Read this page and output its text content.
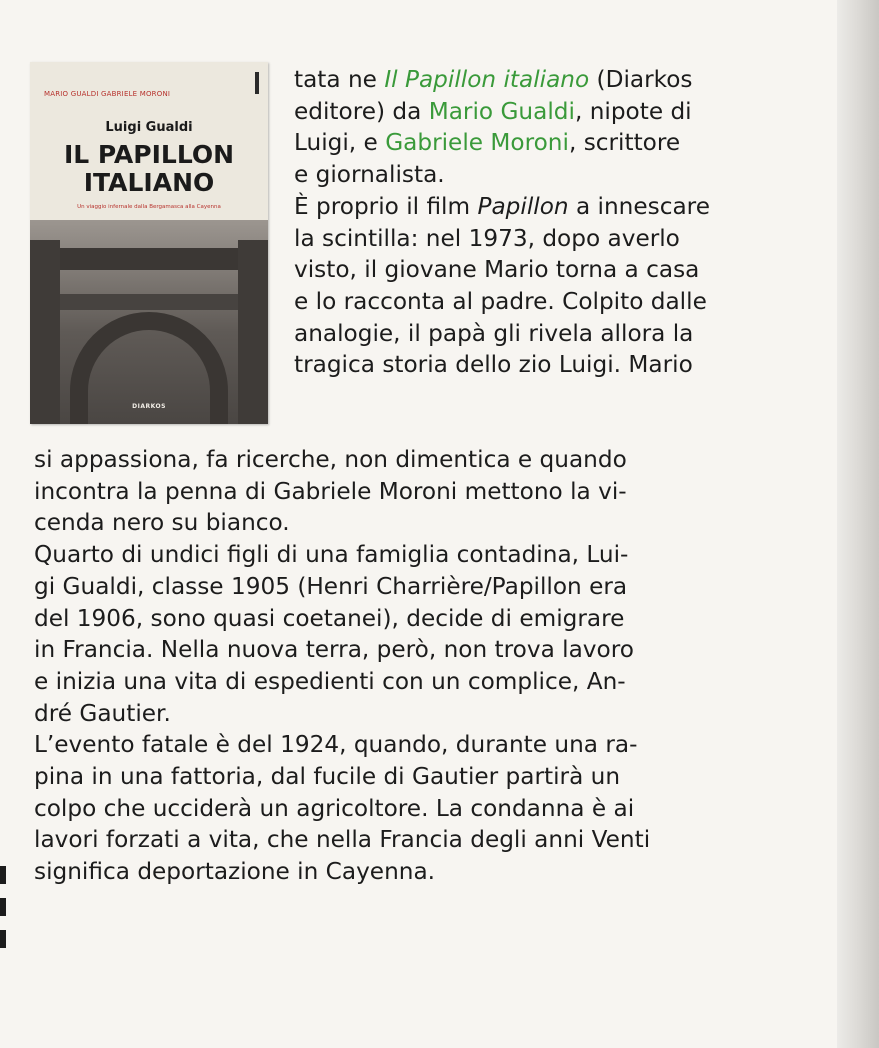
MARIO GUALDI GABRIELE MORONI
Luigi Gualdi
IL PAPILLON
ITALIANO
Un viaggio infernale dalla Bergamasca alla Cayenna
DIARKOS

tata ne Il Papillon italiano (Diarkos

editore) da Mario Gualdi, nipote di

Luigi, e Gabriele Moroni, scrittore

e giornalista.

È proprio il film Papillon a innescare

la scintilla: nel 1973, dopo averlo

visto, il giovane Mario torna a casa

e lo racconta al padre. Colpito dalle

analogie, il papà gli rivela allora la

tragica storia dello zio Luigi. Mario

si appassiona, fa ricerche, non dimentica e quando

incontra la penna di Gabriele Moroni mettono la vi-

cenda nero su bianco.

Quarto di undici figli di una famiglia contadina, Lui-

gi Gualdi, classe 1905 (Henri Charrière/Papillon era

del 1906, sono quasi coetanei), decide di emigrare

in Francia. Nella nuova terra, però, non trova lavoro

e inizia una vita di espedienti con un complice, An-

dré Gautier.

L’evento fatale è del 1924, quando, durante una ra-

pina in una fattoria, dal fucile di Gautier partirà un

colpo che ucciderà un agricoltore. La condanna è ai

lavori forzati a vita, che nella Francia degli anni Venti

significa deportazione in Cayenna.
